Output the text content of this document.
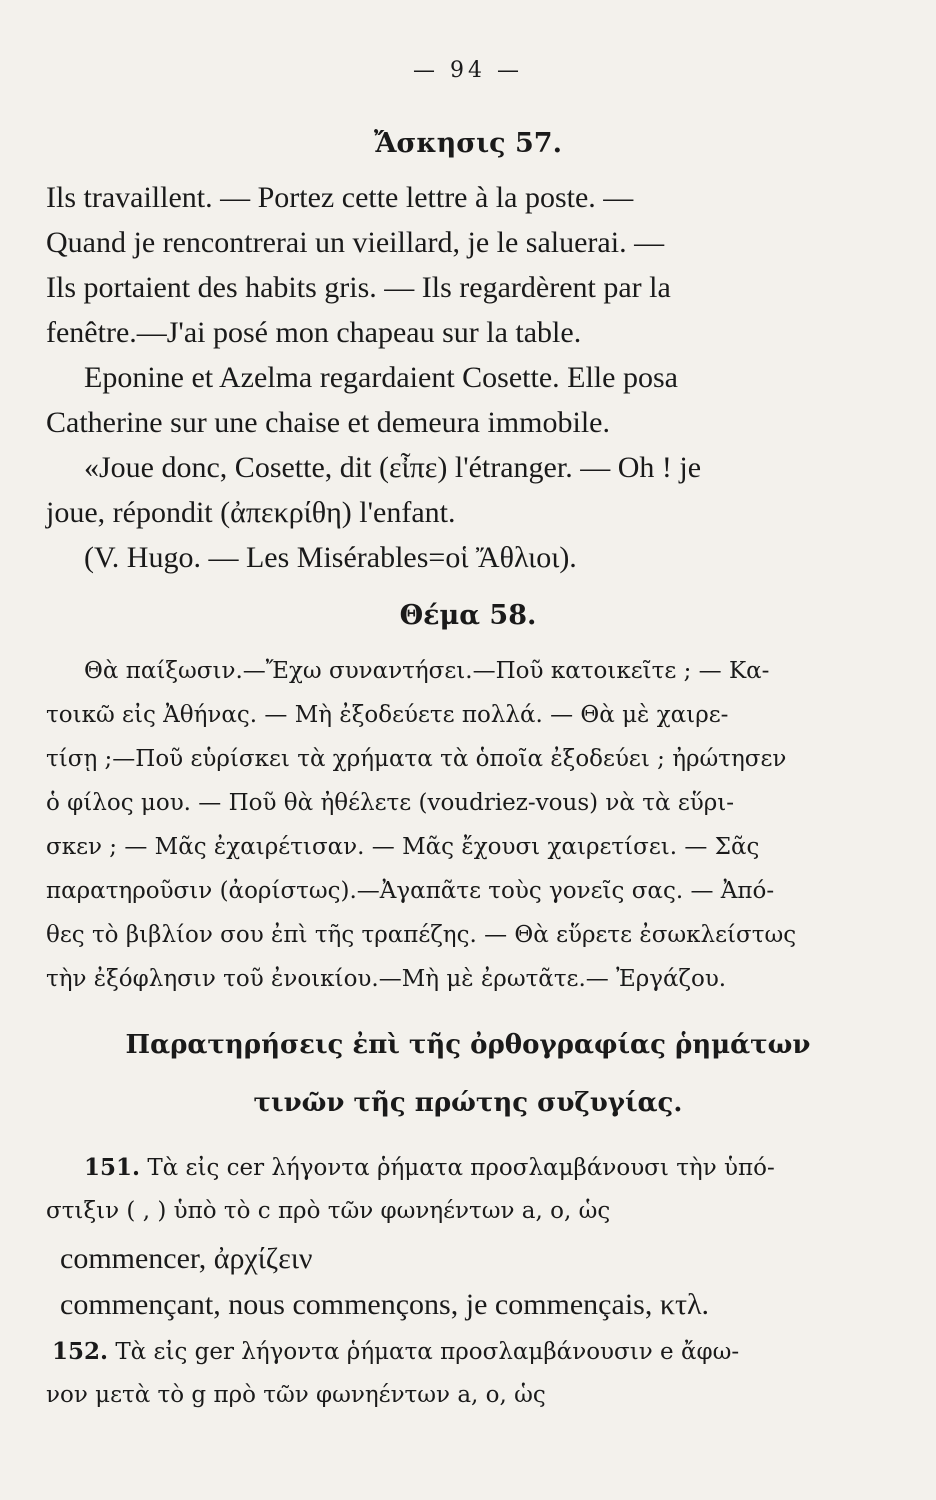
— 94 —
Ἄσκησις 57.
Ils travaillent. — Portez cette lettre à la poste. —
Quand je rencontrerai un vieillard, je le saluerai. —
Ils portaient des habits gris. — Ils regardèrent par la
fenêtre.—J'ai posé mon chapeau sur la table.
Eponine et Azelma regardaient Cosette. Elle posa
Catherine sur une chaise et demeura immobile.
«Joue donc, Cosette, dit (εἶπε) l'étranger. — Oh ! je
joue, répondit (ἀπεκρίθη) l'enfant.
(V. Hugo. — Les Misérables=οἱ Ἄθλιοι).
Θέμα 58.
Θὰ παίξωσιν.—Ἔχω συναντήσει.—Ποῦ κατοικεῖτε ; — Κα-
τοικῶ εἰς Ἀθήνας. — Μὴ ἐξοδεύετε πολλά. — Θὰ μὲ χαιρε-
τίσῃ ;—Ποῦ εὑρίσκει τὰ χρήματα τὰ ὁποῖα ἐξοδεύει ; ἠρώτησεν
ὁ φίλος μου. — Ποῦ θὰ ἠθέλετε (voudriez-vous) νὰ τὰ εὕρι-
σκεν ; — Μᾶς ἐχαιρέτισαν. — Μᾶς ἔχουσι χαιρετίσει. — Σᾶς
παρατηροῦσιν (ἀορίστως).—Ἀγαπᾶτε τοὺς γονεῖς σας. — Ἀπό-
θες τὸ βιβλίον σου ἐπὶ τῆς τραπέζης. — Θὰ εὕρετε ἐσωκλείστως
τὴν ἐξόφλησιν τοῦ ἐνοικίου.—Μὴ μὲ ἐρωτᾶτε.— Ἐργάζου.
Παρατηρήσεις ἐπὶ τῆς ὀρθογραφίας ῥημάτων
τινῶν τῆς πρώτης συζυγίας.
151. Τὰ εἰς cer λήγοντα ῥήματα προσλαμβάνουσι τὴν ὑπό-
στιξιν ( , ) ὑπὸ τὸ c πρὸ τῶν φωνηέντων a, o, ὡς
commencer, ἀρχίζειν
commençant, nous commençons, je commençais, κτλ.
152. Τὰ εἰς ger λήγοντα ῥήματα προσλαμβάνουσιν e ἄφω-
νον μετὰ τὸ g πρὸ τῶν φωνηέντων a, o, ὡς
